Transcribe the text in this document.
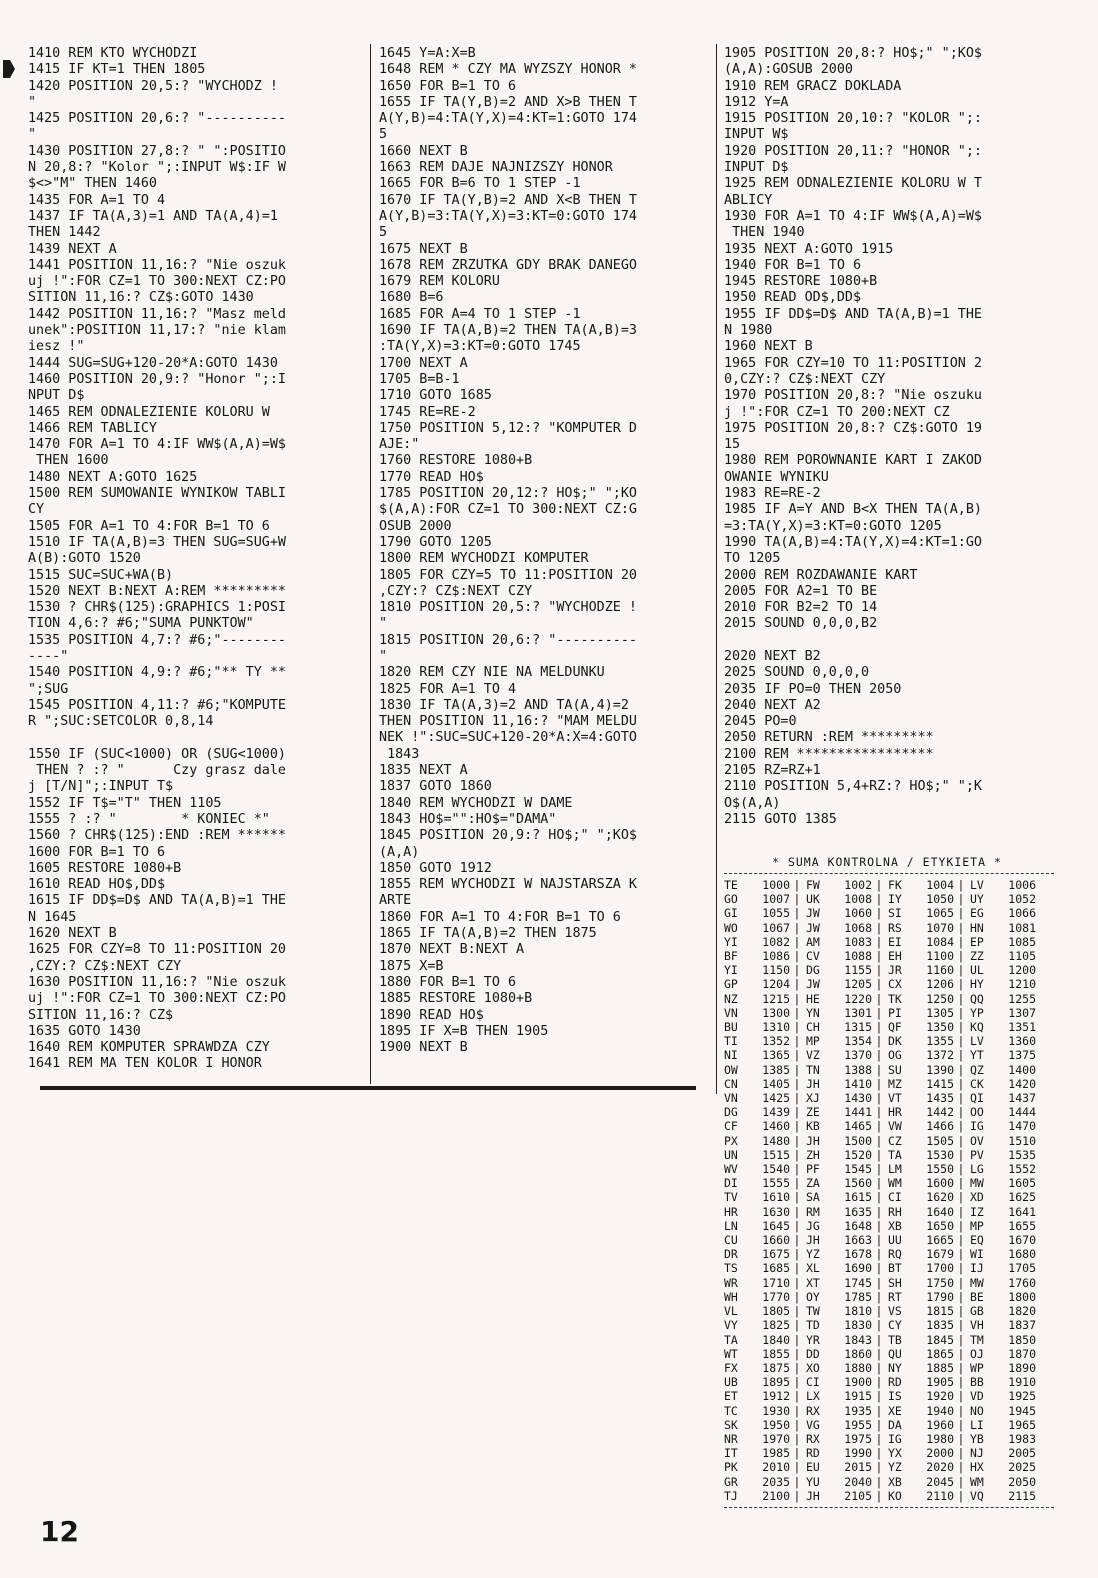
1410 REM KTO WYCHODZI
1415 IF KT=1 THEN 1805
1420 POSITION 20,5:? "WYCHODZ !
"
1425 POSITION 20,6:? "----------
"
1430 POSITION 27,8:? " ":POSITIO
N 20,8:? "Kolor ";:INPUT W$:IF W
$<>"M" THEN 1460
1435 FOR A=1 TO 4
1437 IF TA(A,3)=1 AND TA(A,4)=1
THEN 1442
1439 NEXT A
1441 POSITION 11,16:? "Nie oszuk
uj !":FOR CZ=1 TO 300:NEXT CZ:PO
SITION 11,16:? CZ$:GOTO 1430
1442 POSITION 11,16:? "Masz meld
unek":POSITION 11,17:? "nie klam
iesz !"
1444 SUG=SUG+120-20*A:GOTO 1430
1460 POSITION 20,9:? "Honor ";:I
NPUT D$
1465 REM ODNALEZIENIE KOLORU W
1466 REM TABLICY
1470 FOR A=1 TO 4:IF WW$(A,A)=W$
THEN 1600
1480 NEXT A:GOTO 1625
1500 REM SUMOWANIE WYNIKOW TABLI
CY
1505 FOR A=1 TO 4:FOR B=1 TO 6
1510 IF TA(A,B)=3 THEN SUG=SUG+W
A(B):GOTO 1520
1515 SUC=SUC+WA(B)
1520 NEXT B:NEXT A:REM *********
1530 ? CHR$(125):GRAPHICS 1:POSI
TION 4,6:? #6;"SUMA PUNKTOW"
1535 POSITION 4,7:? #6;"--------
----"
1540 POSITION 4,9:? #6;"** TY **
";SUG
1545 POSITION 4,11:? #6;"KOMPUTE
R ";SUC:SETCOLOR 0,8,14

1550 IF (SUC<1000) OR (SUG<1000)
THEN ? :? "      Czy grasz dale
j [T/N]";:INPUT T$
1552 IF T$="T" THEN 1105
1555 ? :? "        * KONIEC *"
1560 ? CHR$(125):END :REM ******
1600 FOR B=1 TO 6
1605 RESTORE 1080+B
1610 READ HO$,DD$
1615 IF DD$=D$ AND TA(A,B)=1 THE
N 1645
1620 NEXT B
1625 FOR CZY=8 TO 11:POSITION 20
,CZY:? CZ$:NEXT CZY
1630 POSITION 11,16:? "Nie oszuk
uj !":FOR CZ=1 TO 300:NEXT CZ:PO
SITION 11,16:? CZ$
1635 GOTO 1430
1640 REM KOMPUTER SPRAWDZA CZY
1641 REM MA TEN KOLOR I HONOR
1645 Y=A:X=B
1648 REM * CZY MA WYZSZY HONOR *
1650 FOR B=1 TO 6
1655 IF TA(Y,B)=2 AND X>B THEN T
A(Y,B)=4:TA(Y,X)=4:KT=1:GOTO 174
5
1660 NEXT B
1663 REM DAJE NAJNIZSZY HONOR
1665 FOR B=6 TO 1 STEP -1
1670 IF TA(Y,B)=2 AND X<B THEN T
A(Y,B)=3:TA(Y,X)=3:KT=0:GOTO 174
5
1675 NEXT B
1678 REM ZRZUTKA GDY BRAK DANEGO
1679 REM KOLORU
1680 B=6
1685 FOR A=4 TO 1 STEP -1
1690 IF TA(A,B)=2 THEN TA(A,B)=3
:TA(Y,X)=3:KT=0:GOTO 1745
1700 NEXT A
1705 B=B-1
1710 GOTO 1685
1745 RE=RE-2
1750 POSITION 5,12:? "KOMPUTER D
AJE:"
1760 RESTORE 1080+B
1770 READ HO$
1785 POSITION 20,12:? HO$;" ";KO
$(A,A):FOR CZ=1 TO 300:NEXT CZ:G
OSUB 2000
1790 GOTO 1205
1800 REM WYCHODZI KOMPUTER
1805 FOR CZY=5 TO 11:POSITION 20
,CZY:? CZ$:NEXT CZY
1810 POSITION 20,5:? "WYCHODZE !
"
1815 POSITION 20,6:? "----------
"
1820 REM CZY NIE NA MELDUNKU
1825 FOR A=1 TO 4
1830 IF TA(A,3)=2 AND TA(A,4)=2
THEN POSITION 11,16:? "MAM MELDU
NEK !":SUC=SUC+120-20*A:X=4:GOTO
1843
1835 NEXT A
1837 GOTO 1860
1840 REM WYCHODZI W DAME
1843 HO$="":HO$="DAMA"
1845 POSITION 20,9:? HO$;" ";KO$
(A,A)
1850 GOTO 1912
1855 REM WYCHODZI W NAJSTARSZA K
ARTE
1860 FOR A=1 TO 4:FOR B=1 TO 6
1865 IF TA(A,B)=2 THEN 1875
1870 NEXT B:NEXT A
1875 X=B
1880 FOR B=1 TO 6
1885 RESTORE 1080+B
1890 READ HO$
1895 IF X=B THEN 1905
1900 NEXT B
1905 POSITION 20,8:? HO$;" ";KO$
(A,A):GOSUB 2000
1910 REM GRACZ DOKLADA
1912 Y=A
1915 POSITION 20,10:? "KOLOR ";:
INPUT W$
1920 POSITION 20,11:? "HONOR ";:
INPUT D$
1925 REM ODNALEZIENIE KOLORU W T
ABLICY
1930 FOR A=1 TO 4:IF WW$(A,A)=W$
THEN 1940
1935 NEXT A:GOTO 1915
1940 FOR B=1 TO 6
1945 RESTORE 1080+B
1950 READ OD$,DD$
1955 IF DD$=D$ AND TA(A,B)=1 THE
N 1980
1960 NEXT B
1965 FOR CZY=10 TO 11:POSITION 2
0,CZY:? CZ$:NEXT CZY
1970 POSITION 20,8:? "Nie oszuku
j !":FOR CZ=1 TO 200:NEXT CZ
1975 POSITION 20,8:? CZ$:GOTO 19
15
1980 REM POROWNANIE KART I ZAKOD
OWANIE WYNIKU
1983 RE=RE-2
1985 IF A=Y AND B<X THEN TA(A,B)
=3:TA(Y,X)=3:KT=0:GOTO 1205
1990 TA(A,B)=4:TA(Y,X)=4:KT=1:GO
TO 1205
2000 REM ROZDAWANIE KART
2005 FOR A2=1 TO BE
2010 FOR B2=2 TO 14
2015 SOUND 0,0,0,B2

2020 NEXT B2
2025 SOUND 0,0,0,0
2035 IF PO=0 THEN 2050
2040 NEXT A2
2045 PO=0
2050 RETURN :REM *********
2100 REM *****************
2105 RZ=RZ+1
2110 POSITION 5,4+RZ:? HO$;" ";K
O$(A,A)
2115 GOTO 1385
* SUMA KONTROLNA / ETYKIETA *
TE	1000 | FW	1002 | FK	1004 | LV	1006
GO	1007 | UK	1008 | IY	1050 | UY	1052
GI	1055 | JW	1060 | SI	1065 | EG	1066
WO	1067 | JW	1068 | RS	1070 | HN	1081
YI	1082 | AM	1083 | EI	1084 | EP	1085
BF	1086 | CV	1088 | EH	1100 | ZZ	1105
YI	1150 | DG	1155 | JR	1160 | UL	1200
GP	1204 | JW	1205 | CX	1206 | HY	1210
NZ	1215 | HE	1220 | TK	1250 | QQ	1255
VN	1300 | YN	1301 | PI	1305 | YP	1307
BU	1310 | CH	1315 | QF	1350 | KQ	1351
TI	1352 | MP	1354 | DK	1355 | LV	1360
NI	1365 | VZ	1370 | OG	1372 | YT	1375
OW	1385 | TN	1388 | SU	1390 | QZ	1400
CN	1405 | JH	1410 | MZ	1415 | CK	1420
VN	1425 | XJ	1430 | VT	1435 | QI	1437
DG	1439 | ZE	1441 | HR	1442 | OO	1444
CF	1460 | KB	1465 | VW	1466 | IG	1470
PX	1480 | JH	1500 | CZ	1505 | OV	1510
UN	1515 | ZH	1520 | TA	1530 | PV	1535
WV	1540 | PF	1545 | LM	1550 | LG	1552
DI	1555 | ZA	1560 | WM	1600 | MW	1605
TV	1610 | SA	1615 | CI	1620 | XD	1625
HR	1630 | RM	1635 | RH	1640 | IZ	1641
LN	1645 | JG	1648 | XB	1650 | MP	1655
CU	1660 | JH	1663 | UU	1665 | EQ	1670
DR	1675 | YZ	1678 | RQ	1679 | WI	1680
TS	1685 | XL	1690 | BT	1700 | IJ	1705
WR	1710 | XT	1745 | SH	1750 | MW	1760
WH	1770 | OY	1785 | RT	1790 | BE	1800
VL	1805 | TW	1810 | VS	1815 | GB	1820
VY	1825 | TD	1830 | CY	1835 | VH	1837
TA	1840 | YR	1843 | TB	1845 | TM	1850
WT	1855 | DD	1860 | QU	1865 | OJ	1870
FX	1875 | XO	1880 | NY	1885 | WP	1890
UB	1895 | CI	1900 | RD	1905 | BB	1910
ET	1912 | LX	1915 | IS	1920 | VD	1925
TC	1930 | RX	1935 | XE	1940 | NO	1945
SK	1950 | VG	1955 | DA	1960 | LI	1965
NR	1970 | RX	1975 | IG	1980 | YB	1983
IT	1985 | RD	1990 | YX	2000 | NJ	2005
PK	2010 | EU	2015 | YZ	2020 | HX	2025
GR	2035 | YU	2040 | XB	2045 | WM	2050
TJ	2100 | JH	2105 | KO	2110 | VQ	2115
12
